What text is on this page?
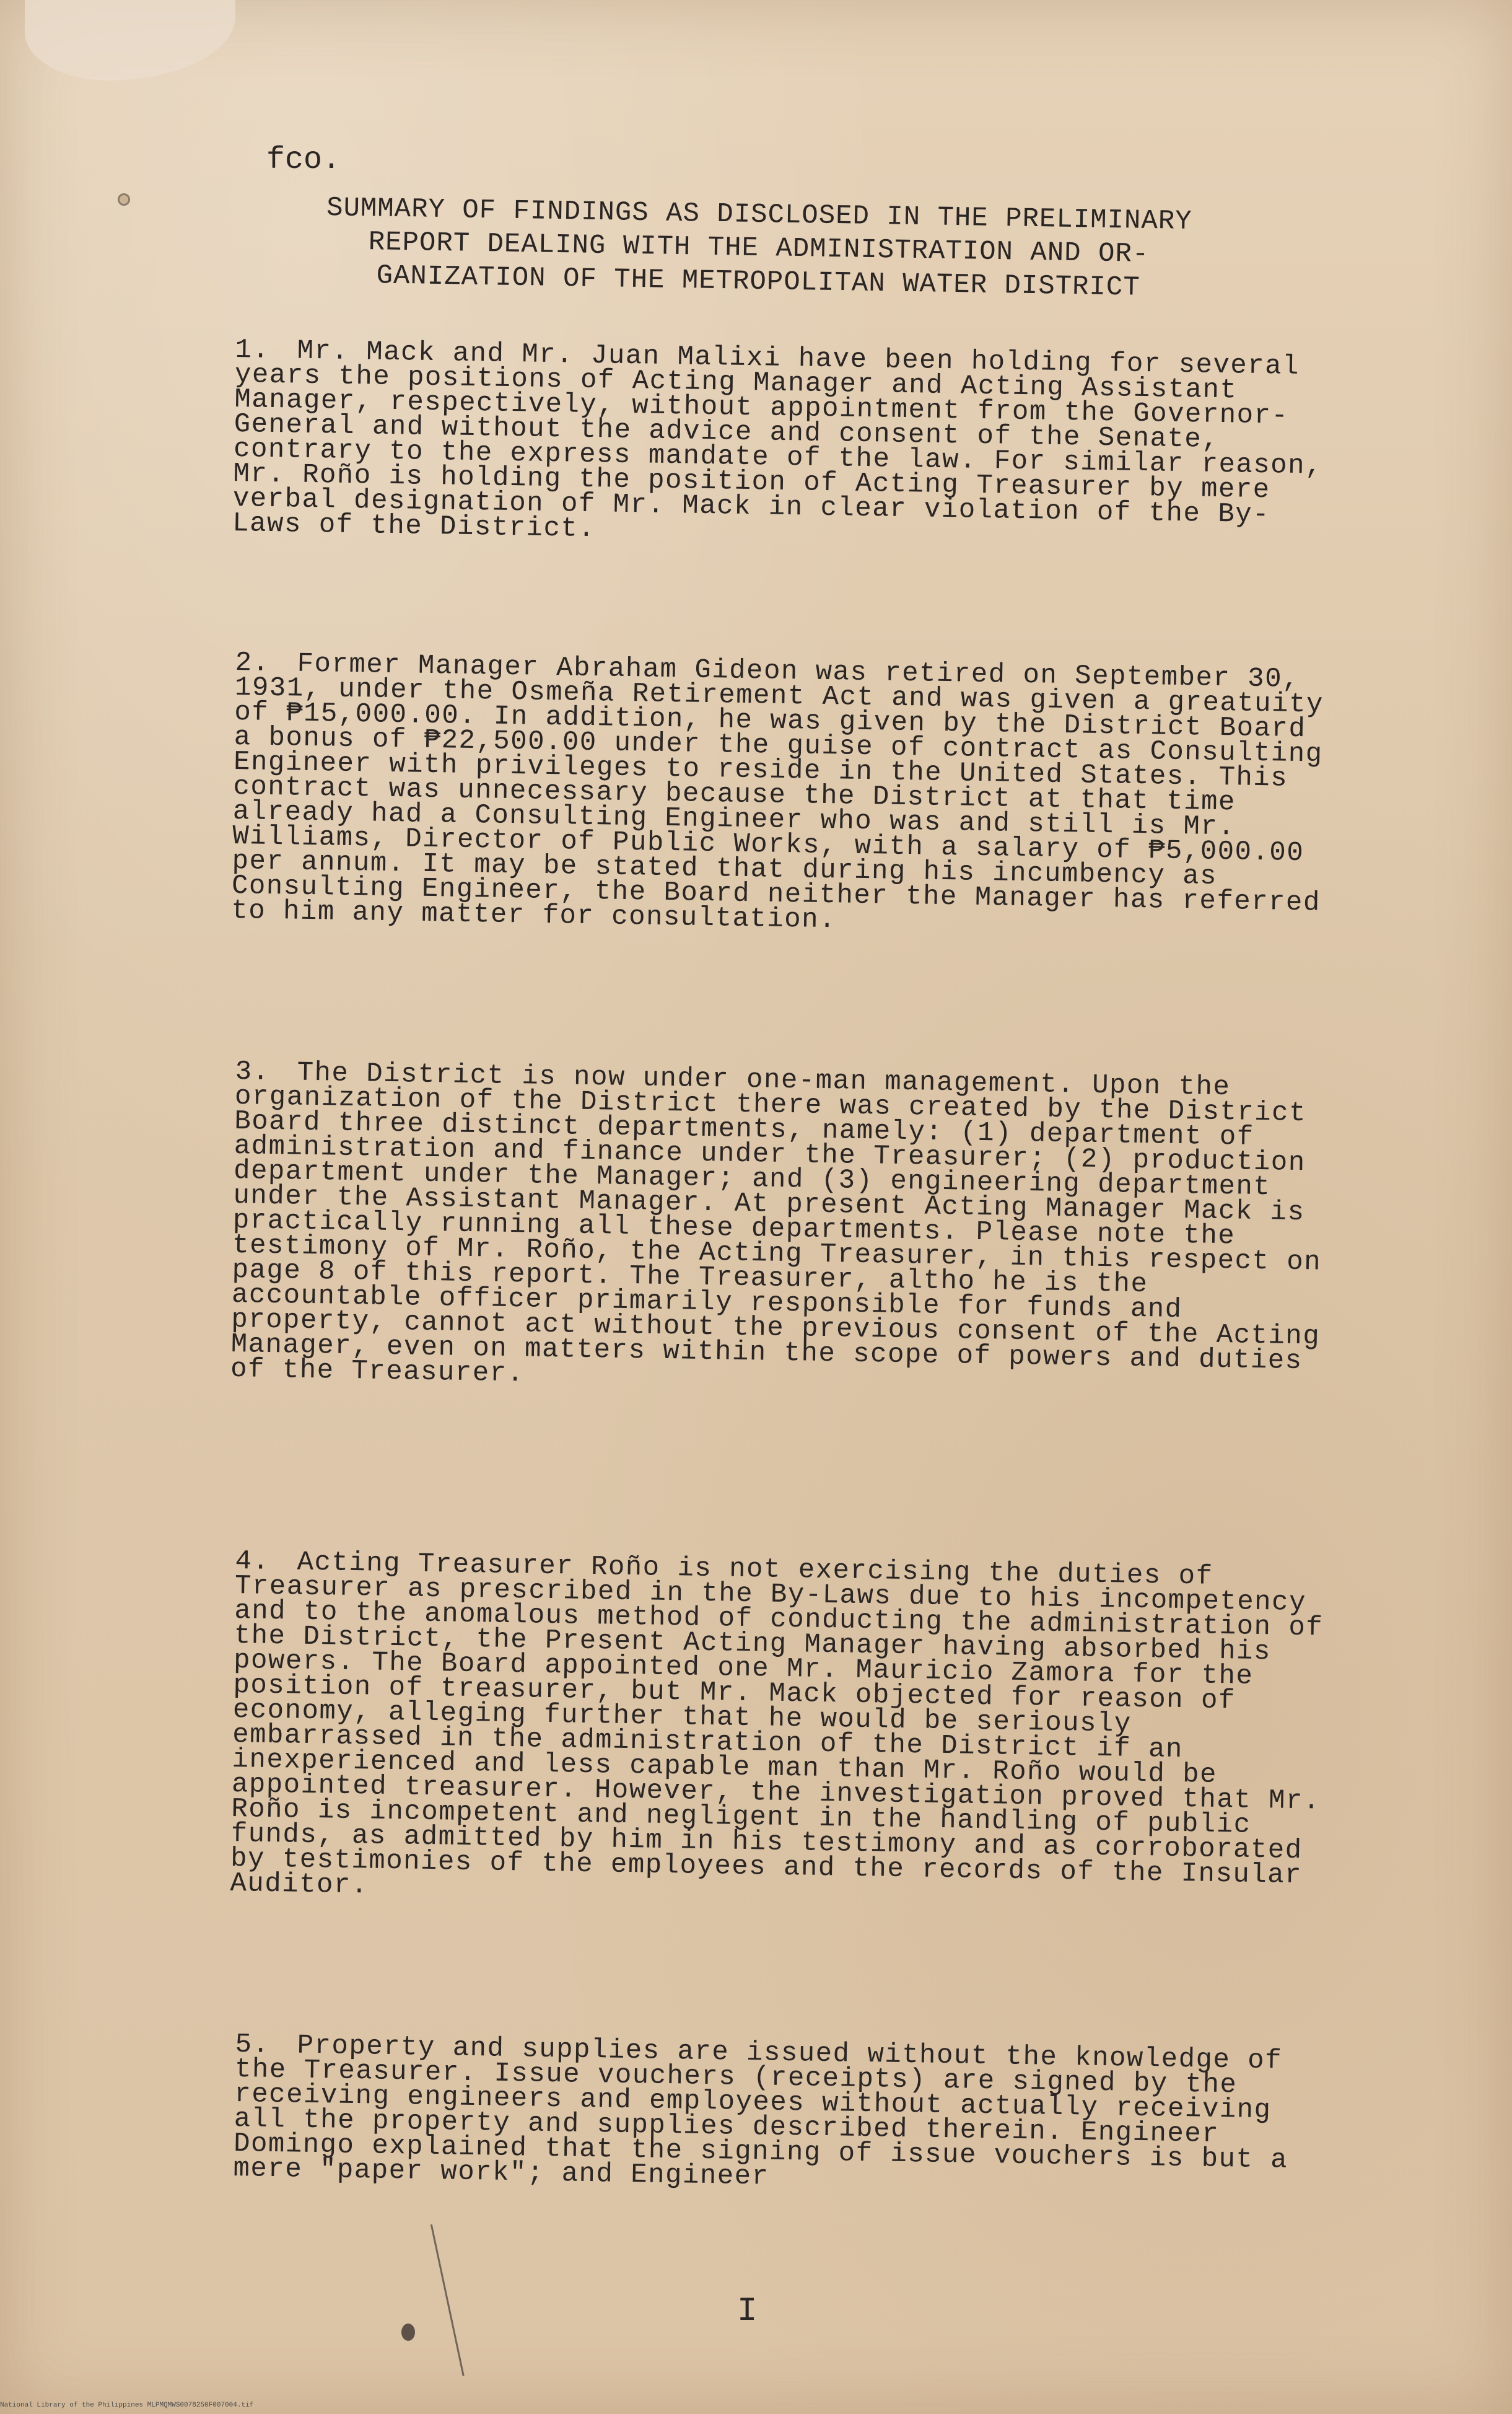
fco.

SUMMARY OF FINDINGS AS DISCLOSED IN THE PRELIMINARY
REPORT DEALING WITH THE ADMINISTRATION AND OR-
GANIZATION OF THE METROPOLITAN WATER DISTRICT

1. Mr. Mack and Mr. Juan Malixi have been holding for several years the positions of Acting Manager and Acting Assistant Manager, respectively, without appointment from the Governor-General and without the advice and consent of the Senate, contrary to the express mandate of the law. For similar reason, Mr. Roño is holding the position of Acting Treasurer by mere verbal designation of Mr. Mack in clear violation of the By-Laws of the District.

2. Former Manager Abraham Gideon was retired on September 30, 1931, under the Osmeña Retirement Act and was given a greatuity of ₱15,000.00. In addition, he was given by the District Board a bonus of ₱22,500.00 under the guise of contract as Consulting Engineer with privileges to reside in the United States. This contract was unnecessary because the District at that time already had a Consulting Engineer who was and still is Mr. Williams, Director of Public Works, with a salary of ₱5,000.00 per annum. It may be stated that during his incumbency as Consulting Engineer, the Board neither the Manager has referred to him any matter for consultation.

3. The District is now under one-man management. Upon the organization of the District there was created by the District Board three distinct departments, namely: (1) department of administration and finance under the Treasurer; (2) production department under the Manager; and (3) engineering department under the Assistant Manager. At present Acting Manager Mack is practically running all these departments. Please note the testimony of Mr. Roño, the Acting Treasurer, in this respect on page 8 of this report. The Treasurer, altho he is the accountable officer primarily responsible for funds and property, cannot act without the previous consent of the Acting Manager, even on matters within the scope of powers and duties of the Treasurer.

4. Acting Treasurer Roño is not exercising the duties of Treasurer as prescribed in the By-Laws due to his incompetency and to the anomalous method of conducting the administration of the District, the Present Acting Manager having absorbed his powers. The Board appointed one Mr. Mauricio Zamora for the position of treasurer, but Mr. Mack objected for reason of economy, alleging further that he would be seriously embarrassed in the administration of the District if an inexperienced and less capable man than Mr. Roño would be appointed treasurer. However, the investigation proved that Mr. Roño is incompetent and negligent in the handling of public funds, as admitted by him in his testimony and as corroborated by testimonies of the employees and the records of the Insular Auditor.

5. Property and supplies are issued without the knowledge of the Treasurer. Issue vouchers (receipts) are signed by the receiving engineers and employees without actually receiving all the property and supplies described therein. Engineer Domingo explained that the signing of issue vouchers is but a mere "paper work"; and Engineer

I

National Library of the Philippines MLPMQMWS0078250F007004.tif
